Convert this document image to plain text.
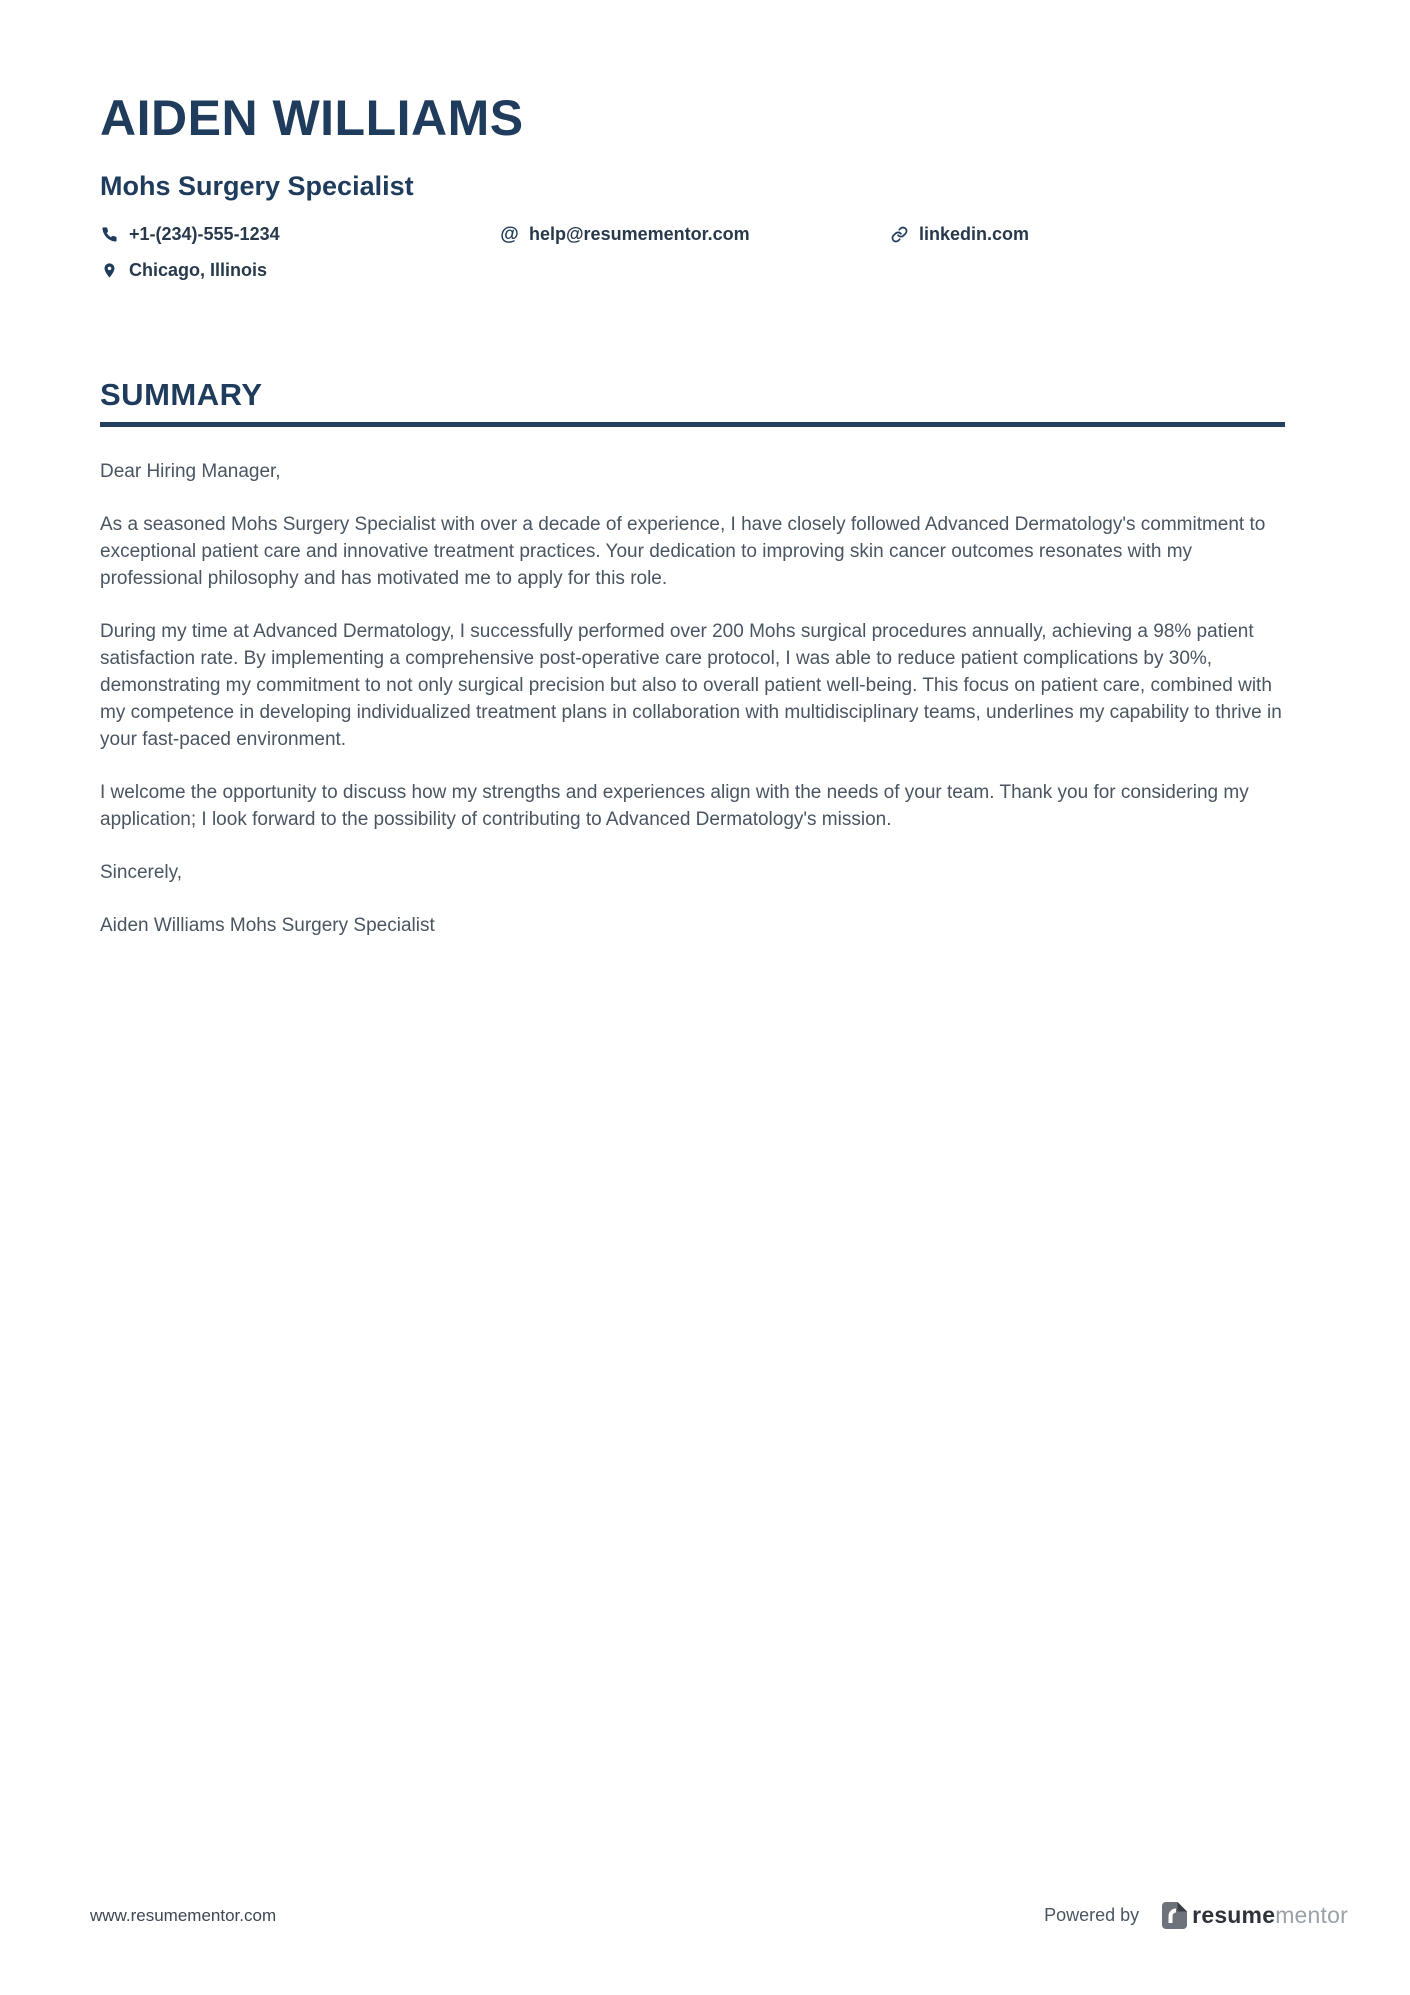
AIDEN WILLIAMS
Mohs Surgery Specialist
+1-(234)-555-1234	@ help@resumementor.com	linkedin.com
Chicago, Illinois
SUMMARY

Dear Hiring Manager,

As a seasoned Mohs Surgery Specialist with over a decade of experience, I have closely followed Advanced Dermatology's commitment to exceptional patient care and innovative treatment practices. Your dedication to improving skin cancer outcomes resonates with my professional philosophy and has motivated me to apply for this role.

During my time at Advanced Dermatology, I successfully performed over 200 Mohs surgical procedures annually, achieving a 98% patient satisfaction rate. By implementing a comprehensive post-operative care protocol, I was able to reduce patient complications by 30%, demonstrating my commitment to not only surgical precision but also to overall patient well-being. This focus on patient care, combined with my competence in developing individualized treatment plans in collaboration with multidisciplinary teams, underlines my capability to thrive in your fast-paced environment.

I welcome the opportunity to discuss how my strengths and experiences align with the needs of your team. Thank you for considering my application; I look forward to the possibility of contributing to Advanced Dermatology's mission.

Sincerely,

Aiden Williams Mohs Surgery Specialist

www.resumementor.com	Powered by resumementor
